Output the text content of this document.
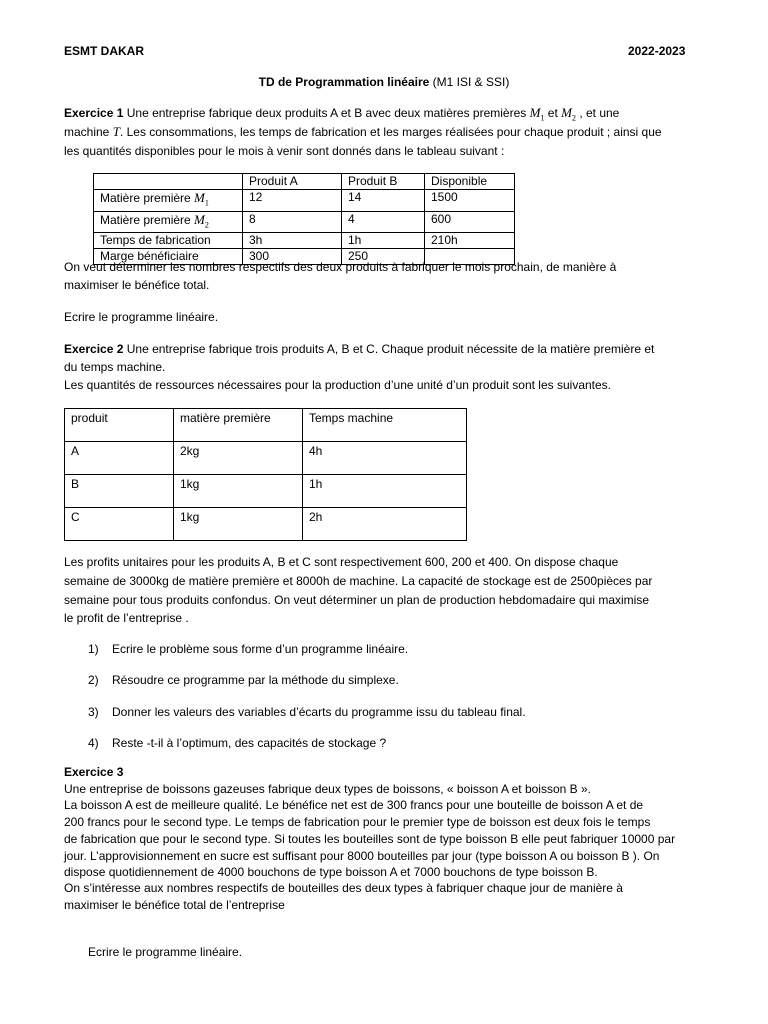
ESMT DAKAR	2022-2023
TD de Programmation linéaire (M1 ISI & SSI)
Exercice 1 Une entreprise fabrique deux produits A et B avec deux matières premières $M_1$ et $M_2$ , et une
machine T. Les consommations, les temps de fabrication et les marges réalisées pour chaque produit ; ainsi que
les quantités disponibles pour le mois à venir sont donnés dans le tableau suivant :
	Produit A	Produit B	Disponible
Matière première $M_1$	12	14	1500
Matière première $M_2$	8	4	600
Temps de fabrication	3h	1h	210h
Marge bénéficiaire	300	250	
On veut déterminer les nombres respectifs des deux produits à fabriquer le mois prochain, de manière à
maximiser le bénéfice total.
Ecrire le programme linéaire.
Exercice 2 Une entreprise fabrique trois produits A, B et C. Chaque produit nécessite de la matière première et
du temps machine.
Les quantités de ressources nécessaires pour la production d’une unité d’un produit sont les suivantes.
produit	matière première	Temps machine
A	2kg	4h
B	1kg	1h
C	1kg	2h
Les profits unitaires pour les produits A, B et C sont respectivement 600, 200 et 400. On dispose chaque
semaine de 3000kg de matière première et 8000h de machine. La capacité de stockage est de 2500pièces par
semaine pour tous produits confondus. On veut déterminer un plan de production hebdomadaire qui maximise
le profit de l’entreprise .
1) Ecrire le problème sous forme d’un programme linéaire.
2) Résoudre ce programme par la méthode du simplexe.
3) Donner les valeurs des variables d’écarts du programme issu du tableau final.
4) Reste -t-il à l’optimum, des capacités de stockage ?
Exercice 3
Une entreprise de boissons gazeuses fabrique deux types de boissons, « boisson A et boisson B ».
La boisson A est de meilleure qualité. Le bénéfice net est de 300 francs pour une bouteille de boisson A et de
200 francs pour le second type. Le temps de fabrication pour le premier type de boisson est deux fois le temps
de fabrication que pour le second type. Si toutes les bouteilles sont de type boisson B elle peut fabriquer 10000 par
jour. L’approvisionnement en sucre est suffisant pour 8000 bouteilles par jour (type boisson A ou boisson B ). On
dispose quotidiennement de 4000 bouchons de type boisson A et 7000 bouchons de type boisson B.
On s’intéresse aux nombres respectifs de bouteilles des deux types à fabriquer chaque jour de manière à
maximiser le bénéfice total de l’entreprise
Ecrire le programme linéaire.
